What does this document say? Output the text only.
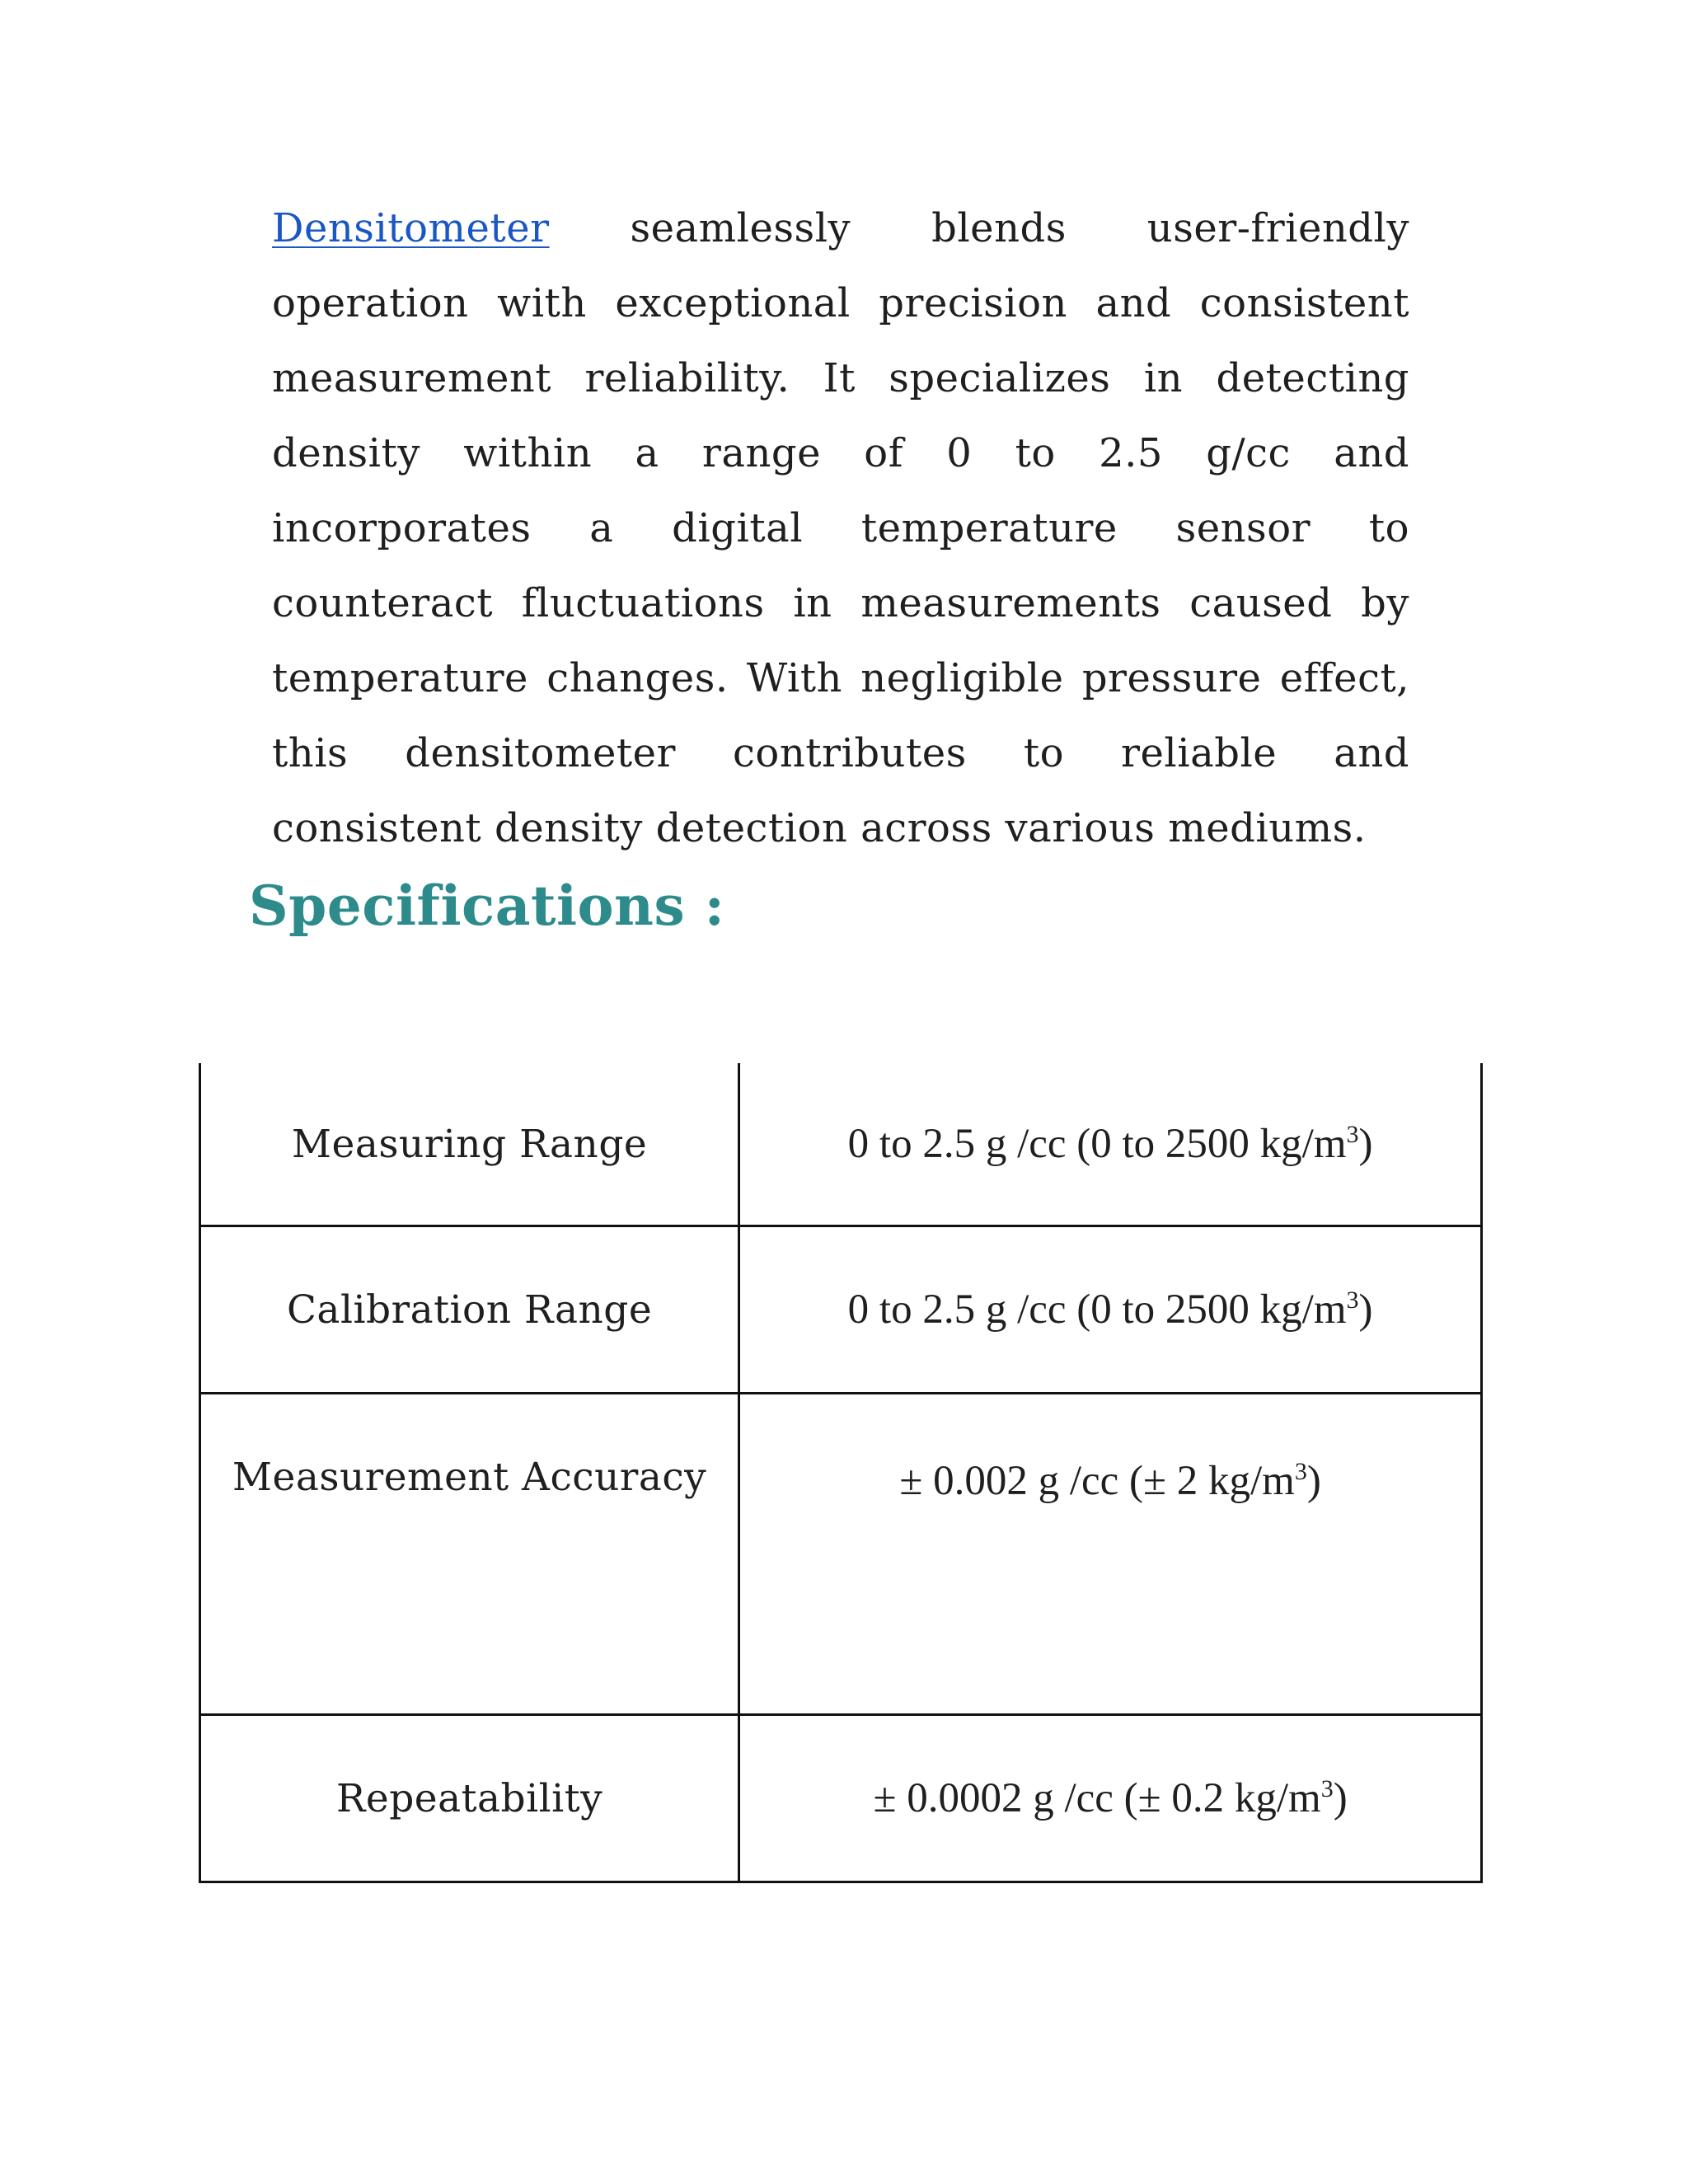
Densitometer seamlessly blends user-friendly operation with exceptional precision and consistent measurement reliability. It specializes in detecting density within a range of 0 to 2.5 g/cc and incorporates a digital temperature sensor to counteract fluctuations in measurements caused by temperature changes. With negligible pressure effect, this densitometer contributes to reliable and consistent density detection across various mediums.

Specifications :
Measuring Range	0 to 2.5 g /cc (0 to 2500 $kg/m^3$)
Calibration Range	0 to 2.5 g /cc (0 to 2500 $kg/m^3$)
Measurement Accuracy	± 0.002 g /cc (± 2 $kg/m^3$)
Repeatability	± 0.0002 g /cc (± 0.2 $kg/m^3$)
